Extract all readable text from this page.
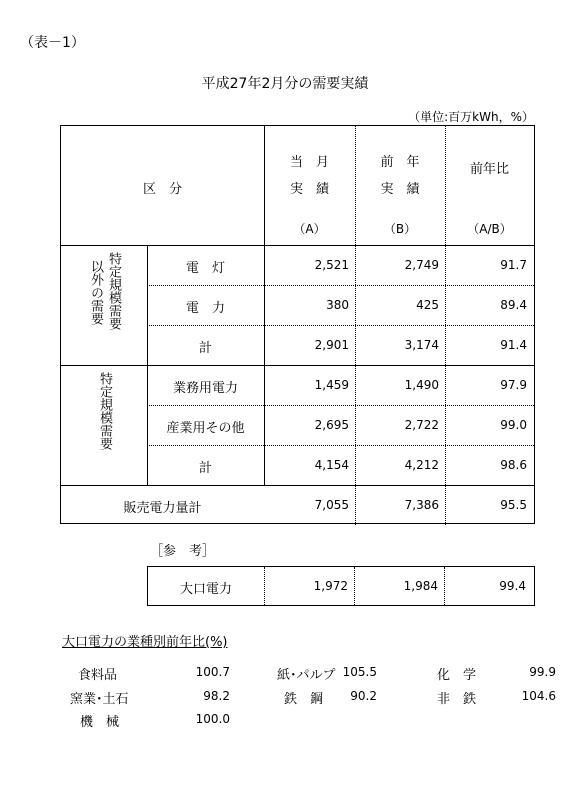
（表－1）
平成27年2月分の需要実績
（単位:百万kWh，%）
区　分
当　月
実　績
（A）
前　年
実　績
（B）
前年比
（A/B）
特定規模需要
以外の需要
特定規模需要
電　灯	2,521	2,749	91.7
電　力	380	425	89.4
計	2,901	3,174	91.4
業務用電力	1,459	1,490	97.9
産業用その他	2,695	2,722	99.0
計	4,154	4,212	98.6
販売電力量計	7,055	7,386	95.5
［参　考］
大口電力	1,972	1,984	99.4
大口電力の業種別前年比(%)
食料品	100.7	紙･パルプ 105.5	化　学	99.9
窯業･土石	98.2	鉄　鋼	90.2	非　鉄	104.6
機　械	100.0
